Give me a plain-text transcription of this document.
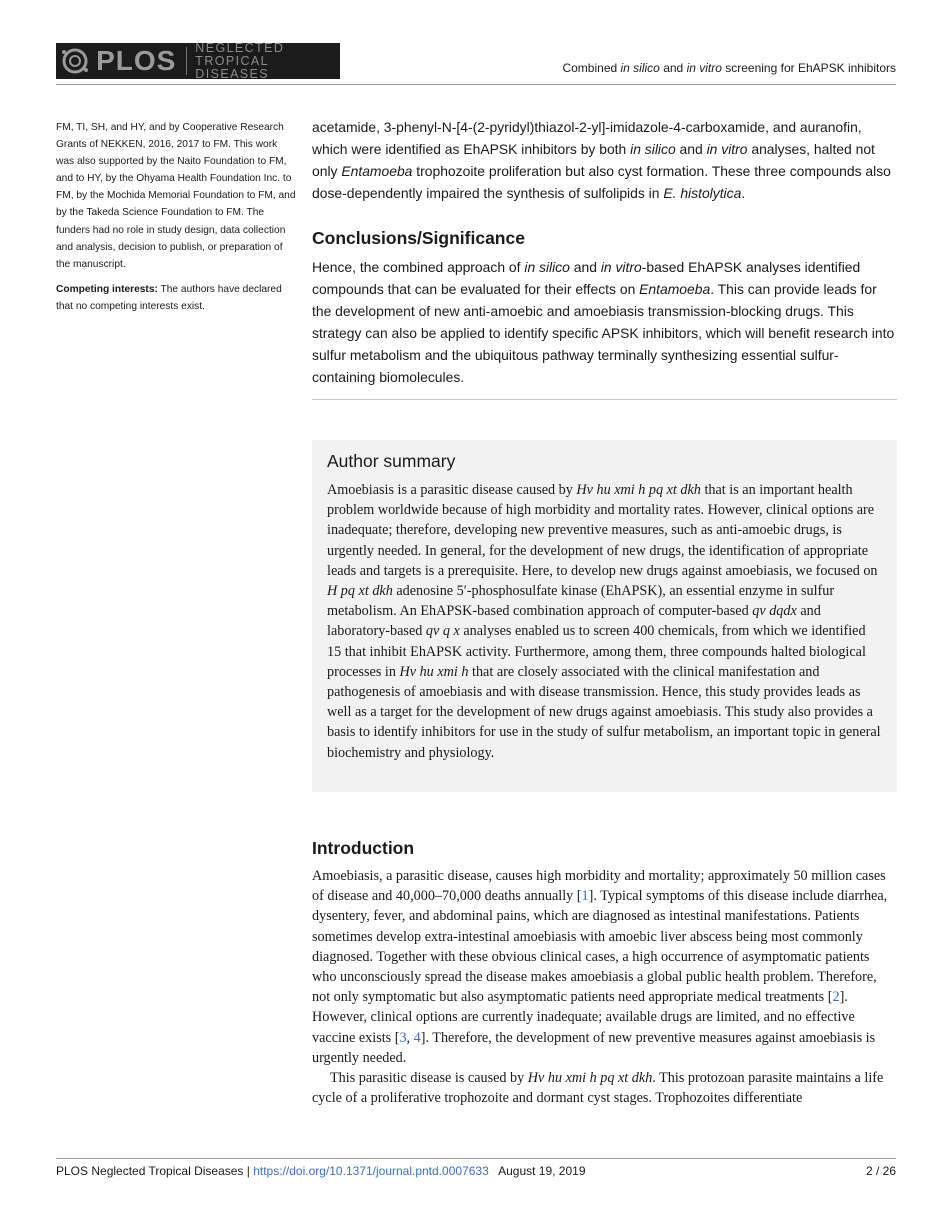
PLOS NEGLECTED
TROPICAL DISEASES	Combined in silico and in vitro screening for EhAPSK inhibitors

FM, TI, SH, and HY, and by Cooperative Research Grants of NEKKEN, 2016, 2017 to FM. This work was also supported by the Naito Foundation to FM, and to HY, by the Ohyama Health Foundation Inc. to FM, by the Mochida Memorial Foundation to FM, and by the Takeda Science Foundation to FM. The funders had no role in study design, data collection and analysis, decision to publish, or preparation of the manuscript.

Competing interests: The authors have declared that no competing interests exist.

acetamide, 3-phenyl-N-[4-(2-pyridyl)thiazol-2-yl]-imidazole-4-carboxamide, and auranofin, which were identified as EhAPSK inhibitors by both in silico and in vitro analyses, halted not only Entamoeba trophozoite proliferation but also cyst formation. These three compounds also dose-dependently impaired the synthesis of sulfolipids in E. histolytica.

Conclusions/Significance

Hence, the combined approach of in silico and in vitro-based EhAPSK analyses identified compounds that can be evaluated for their effects on Entamoeba. This can provide leads for the development of new anti-amoebic and amoebiasis transmission-blocking drugs. This strategy can also be applied to identify specific APSK inhibitors, which will benefit research into sulfur metabolism and the ubiquitous pathway terminally synthesizing essential sulfur-containing biomolecules.

Author summary

Amoebiasis is a parasitic disease caused by Hv hu xmi h pq xt dkh that is an important health problem worldwide because of high morbidity and mortality rates. However, clinical options are inadequate; therefore, developing new preventive measures, such as anti-amoebic drugs, is urgently needed. In general, for the development of new drugs, the identification of appropriate leads and targets is a prerequisite. Here, to develop new drugs against amoebiasis, we focused on H pq xt dkh adenosine 5′-phosphosulfate kinase (EhAPSK), an essential enzyme in sulfur metabolism. An EhAPSK-based combination approach of computer-based qv dqdx and laboratory-based qv q x analyses enabled us to screen 400 chemicals, from which we identified 15 that inhibit EhAPSK activity. Furthermore, among them, three compounds halted biological processes in Hv hu xmi h that are closely associated with the clinical manifestation and pathogenesis of amoebiasis and with disease transmission. Hence, this study provides leads as well as a target for the development of new drugs against amoebiasis. This study also provides a basis to identify inhibitors for use in the study of sulfur metabolism, an important topic in general biochemistry and physiology.

Introduction

Amoebiasis, a parasitic disease, causes high morbidity and mortality; approximately 50 million cases of disease and 40,000–70,000 deaths annually [1]. Typical symptoms of this disease include diarrhea, dysentery, fever, and abdominal pains, which are diagnosed as intestinal manifestations. Patients sometimes develop extra-intestinal amoebiasis with amoebic liver abscess being most commonly diagnosed. Together with these obvious clinical cases, a high occurrence of asymptomatic patients who unconsciously spread the disease makes amoebiasis a global public health problem. Therefore, not only symptomatic but also asymptomatic patients need appropriate medical treatments [2]. However, clinical options are currently inadequate; available drugs are limited, and no effective vaccine exists [3, 4]. Therefore, the development of new preventive measures against amoebiasis is urgently needed.

This parasitic disease is caused by Hv hu xmi h pq xt dkh. This protozoan parasite maintains a life cycle of a proliferative trophozoite and dormant cyst stages. Trophozoites differentiate

PLOS Neglected Tropical Diseases | https://doi.org/10.1371/journal.pntd.0007633   August 19, 2019	2 / 26
